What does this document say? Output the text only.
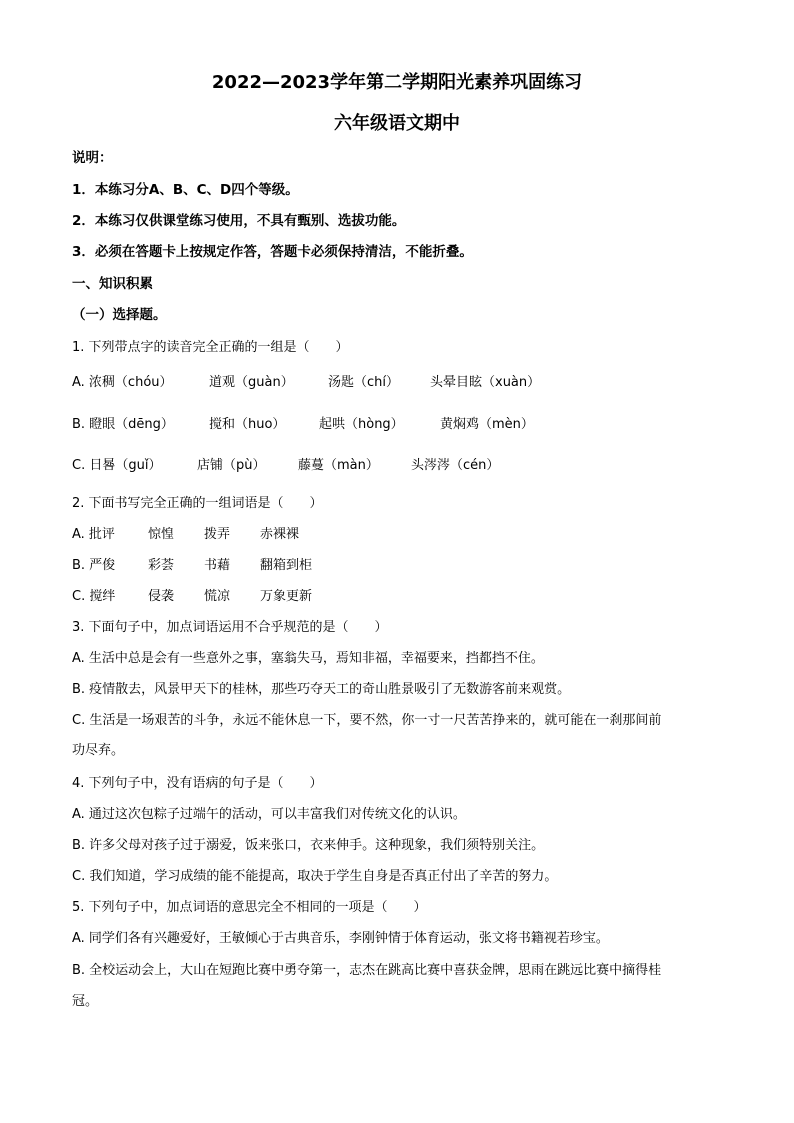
2022—2023学年第二学期阳光素养巩固练习
六年级语文期中
说明：
1．本练习分A、B、C、D四个等级。
2．本练习仅供课堂练习使用，不具有甄别、选拔功能。
3．必须在答题卡上按规定作答，答题卡必须保持清洁，不能折叠。
一、知识积累
（一）选择题。
1. 下列带点字的读音完全正确的一组是（　　）
A. 浓稠（chóu）	道观（guàn）	汤匙（chí） 头晕目眩（xuàn）
B. 瞪眼（dēng）	搅和（huo）	起哄（hòng）	黄焖鸡（mèn）
C. 日晷（guǐ）	店铺（pù）	藤蔓（màn） 头涔涔（cén）
2. 下面书写完全正确的一组词语是（　　）
A. 批评	惊惶 拨弄 赤裸裸
B. 严俊	彩荟 书藉 翻箱到柜
C. 搅绊	侵袭 慌凉 万象更新
3. 下面句子中，加点词语运用不合乎规范的是（　　）
A. 生活中总是会有一些意外之事，塞翁失马，焉知非福，幸福要来，挡都挡不住。
B. 疫情散去，风景甲天下的桂林，那些巧夺天工的奇山胜景吸引了无数游客前来观赏。
C. 生活是一场艰苦的斗争，永远不能休息一下，要不然，你一寸一尺苦苦挣来的，就可能在一刹那间前
功尽弃。
4. 下列句子中，没有语病的句子是（　　）
A. 通过这次包粽子过端午的活动，可以丰富我们对传统文化的认识。
B. 许多父母对孩子过于溺爱，饭来张口，衣来伸手。这种现象，我们须特别关注。
C. 我们知道，学习成绩的能不能提高，取决于学生自身是否真正付出了辛苦的努力。
5. 下列句子中，加点词语的意思完全不相同的一项是（　　）
A. 同学们各有兴趣爱好，王敏倾心于古典音乐，李刚钟情于体育运动，张文将书籍视若珍宝。
B. 全校运动会上，大山在短跑比赛中勇夺第一，志杰在跳高比赛中喜获金牌，思雨在跳远比赛中摘得桂
冠。
